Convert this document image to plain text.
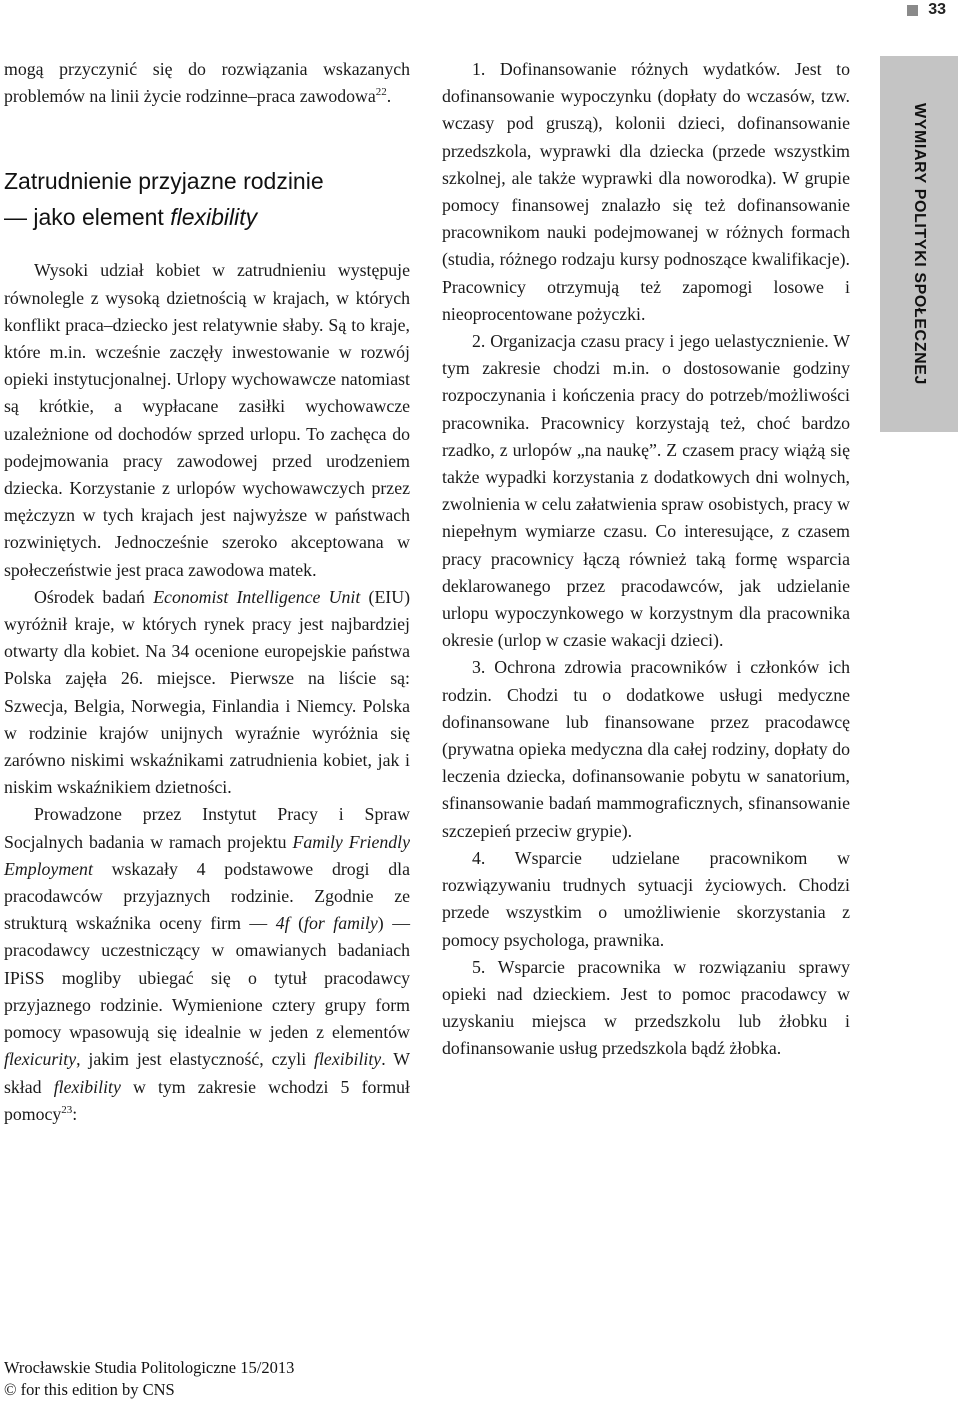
33

mogą przyczynić się do rozwiązania wskazanych problemów na linii życie rodzinne–praca zawodowa$^{22}$.

Zatrudnienie przyjazne rodzinie
— jako element flexibility

Wysoki udział kobiet w zatrudnieniu występuje równolegle z wysoką dzietnością w krajach, w których konflikt praca–dziecko jest relatywnie słaby. Są to kraje, które m.in. wcześnie zaczęły inwestowanie w rozwój opieki instytucjonalnej. Urlopy wychowawcze natomiast są krótkie, a wypłacane zasiłki wychowawcze uzależnione od dochodów sprzed urlopu. To zachęca do podejmowania pracy zawodowej przed urodzeniem dziecka. Korzystanie z urlopów wychowawczych przez mężczyzn w tych krajach jest najwyższe w państwach rozwiniętych. Jednocześnie szeroko akceptowana w społeczeństwie jest praca zawodowa matek.

Ośrodek badań Economist Intelligence Unit (EIU) wyróżnił kraje, w których rynek pracy jest najbardziej otwarty dla kobiet. Na 34 ocenione europejskie państwa Polska zajęła 26. miejsce. Pierwsze na liście są: Szwecja, Belgia, Norwegia, Finlandia i Niemcy. Polska w rodzinie krajów unijnych wyraźnie wyróżnia się zarówno niskimi wskaźnikami zatrudnienia kobiet, jak i niskim wskaźnikiem dzietności.

Prowadzone przez Instytut Pracy i Spraw Socjalnych badania w ramach projektu Family Friendly Employment wskazały 4 podstawowe drogi dla pracodawców przyjaznych rodzinie. Zgodnie ze strukturą wskaźnika oceny firm — 4f (for family) — pracodawcy uczestniczący w omawianych badaniach IPiSS mogliby ubiegać się o tytuł pracodawcy przyjaznego rodzinie. Wymienione cztery grupy form pomocy wpasowują się idealnie w jeden z elementów flexicurity, jakim jest elastyczność, czyli flexibility. W skład flexibility w tym zakresie wchodzi 5 formuł pomocy$^{23}$:

1. Dofinansowanie różnych wydatków. Jest to dofinansowanie wypoczynku (dopłaty do wczasów, tzw. wczasy pod gruszą), kolonii dzieci, dofinansowanie przedszkola, wyprawki dla dziecka (przede wszystkim szkolnej, ale także wyprawki dla noworodka). W grupie pomocy finansowej znalazło się też dofinansowanie pracownikom nauki podejmowanej w różnych formach (studia, różnego rodzaju kursy podnoszące kwalifikacje). Pracownicy otrzymują też zapomogi losowe i nieoprocentowane pożyczki.

2. Organizacja czasu pracy i jego uelastycznienie. W tym zakresie chodzi m.in. o dostosowanie godziny rozpoczynania i kończenia pracy do potrzeb/możliwości pracownika. Pracownicy korzystają też, choć bardzo rzadko, z urlopów „na naukę”. Z czasem pracy wiążą się także wypadki korzystania z dodatkowych dni wolnych, zwolnienia w celu załatwienia spraw osobistych, pracy w niepełnym wymiarze czasu. Co interesujące, z czasem pracy pracownicy łączą również taką formę wsparcia deklarowanego przez pracodawców, jak udzielanie urlopu wypoczynkowego w korzystnym dla pracownika okresie (urlop w czasie wakacji dzieci).

3. Ochrona zdrowia pracowników i członków ich rodzin. Chodzi tu o dodatkowe usługi medyczne dofinansowane lub finansowane przez pracodawcę (prywatna opieka medyczna dla całej rodziny, dopłaty do leczenia dziecka, dofinansowanie pobytu w sanatorium, sfinansowanie badań mammograficznych, sfinansowanie szczepień przeciw grypie).

4. Wsparcie udzielane pracownikom w rozwiązywaniu trudnych sytuacji życiowych. Chodzi przede wszystkim o umożliwienie skorzystania z pomocy psychologa, prawnika.

5. Wsparcie pracownika w rozwiązaniu sprawy opieki nad dzieckiem. Jest to pomoc pracodawcy w uzyskaniu miejsca w przedszkolu lub żłobku i dofinansowanie usług przedszkola bądź żłobka.

WYMIARY POLITYKI SPOŁECZNEJ
Wrocławskie Studia Politologiczne 15/2013
© for this edition by CNS
